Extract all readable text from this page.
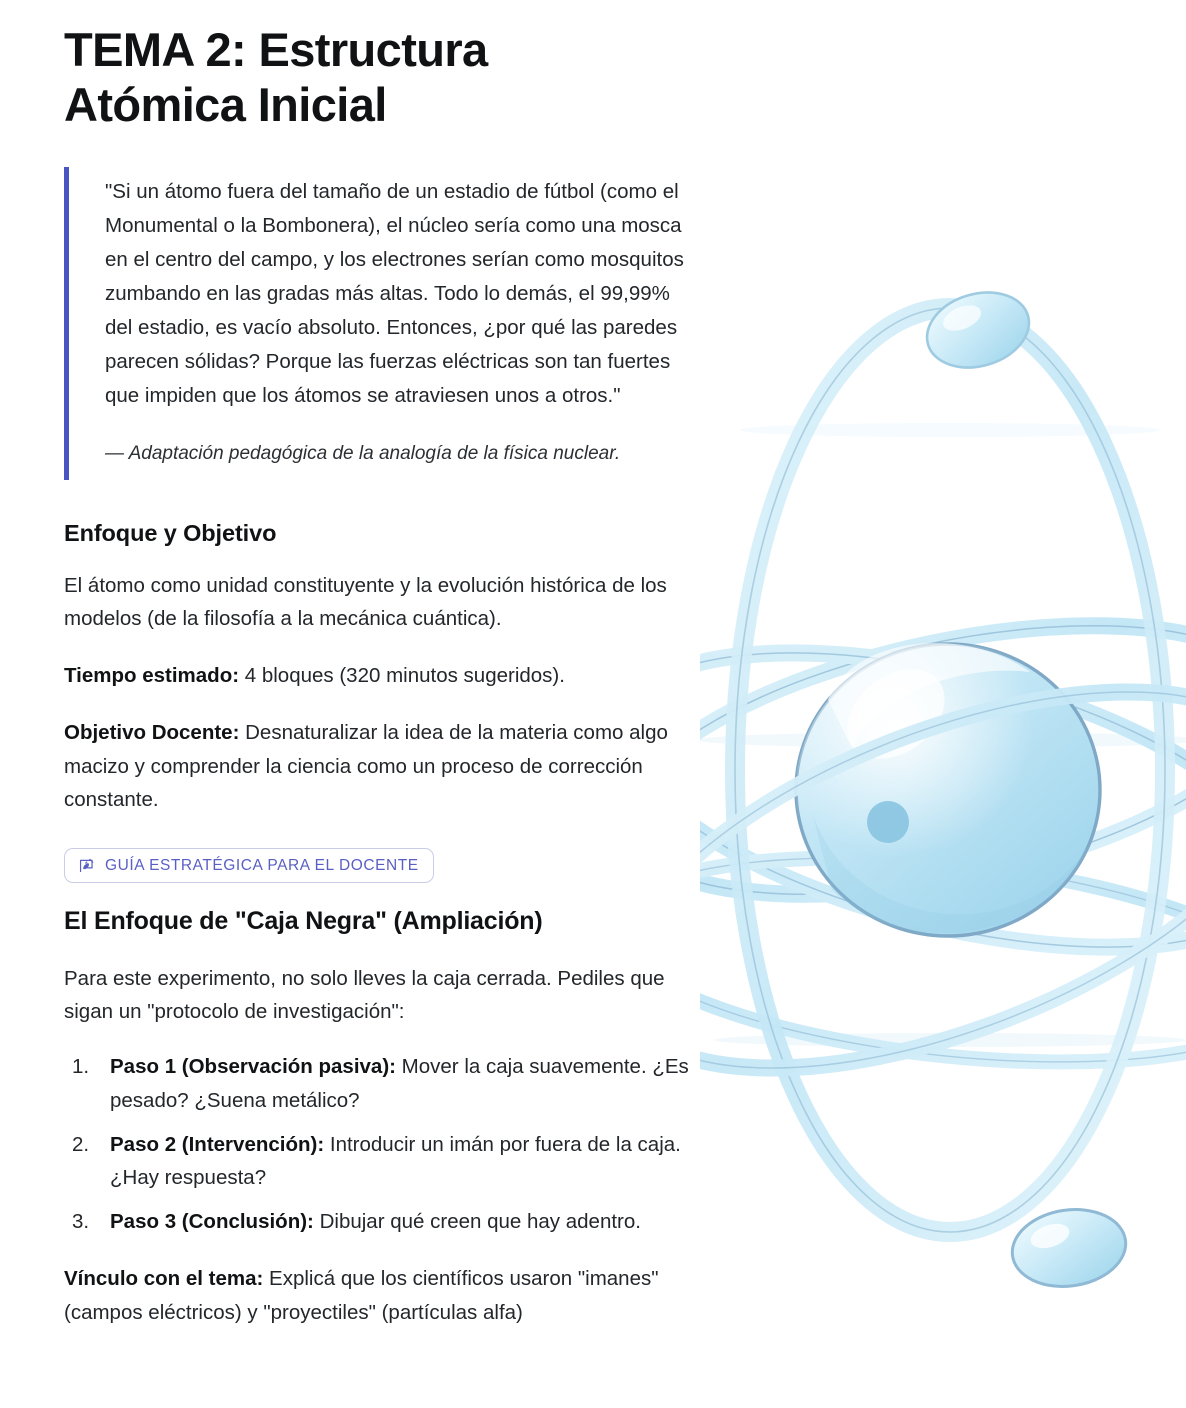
TEMA 2: Estructura Atómica Inicial

"Si un átomo fuera del tamaño de un estadio de fútbol (como el Monumental o la Bombonera), el núcleo sería como una mosca en el centro del campo, y los electrones serían como mosquitos zumbando en las gradas más altas. Todo lo demás, el 99,99% del estadio, es vacío absoluto. Entonces, ¿por qué las paredes parecen sólidas? Porque las fuerzas eléctricas son tan fuertes que impiden que los átomos se atraviesen unos a otros."

— Adaptación pedagógica de la analogía de la física nuclear.

Enfoque y Objetivo

El átomo como unidad constituyente y la evolución histórica de los modelos (de la filosofía a la mecánica cuántica).

Tiempo estimado: 4 bloques (320 minutos sugeridos).

Objetivo Docente: Desnaturalizar la idea de la materia como algo macizo y comprender la ciencia como un proceso de corrección constante.

GUÍA ESTRATÉGICA PARA EL DOCENTE
El Enfoque de "Caja Negra" (Ampliación)

Para este experimento, no solo lleves la caja cerrada. Pediles que sigan un "protocolo de investigación":

Paso 1 (Observación pasiva): Mover la caja suavemente. ¿Es pesado? ¿Suena metálico?
Paso 2 (Intervención): Introducir un imán por fuera de la caja. ¿Hay respuesta?
Paso 3 (Conclusión): Dibujar qué creen que hay adentro.

Vínculo con el tema: Explicá que los científicos usaron "imanes" (campos eléctricos) y "proyectiles" (partículas alfa)
